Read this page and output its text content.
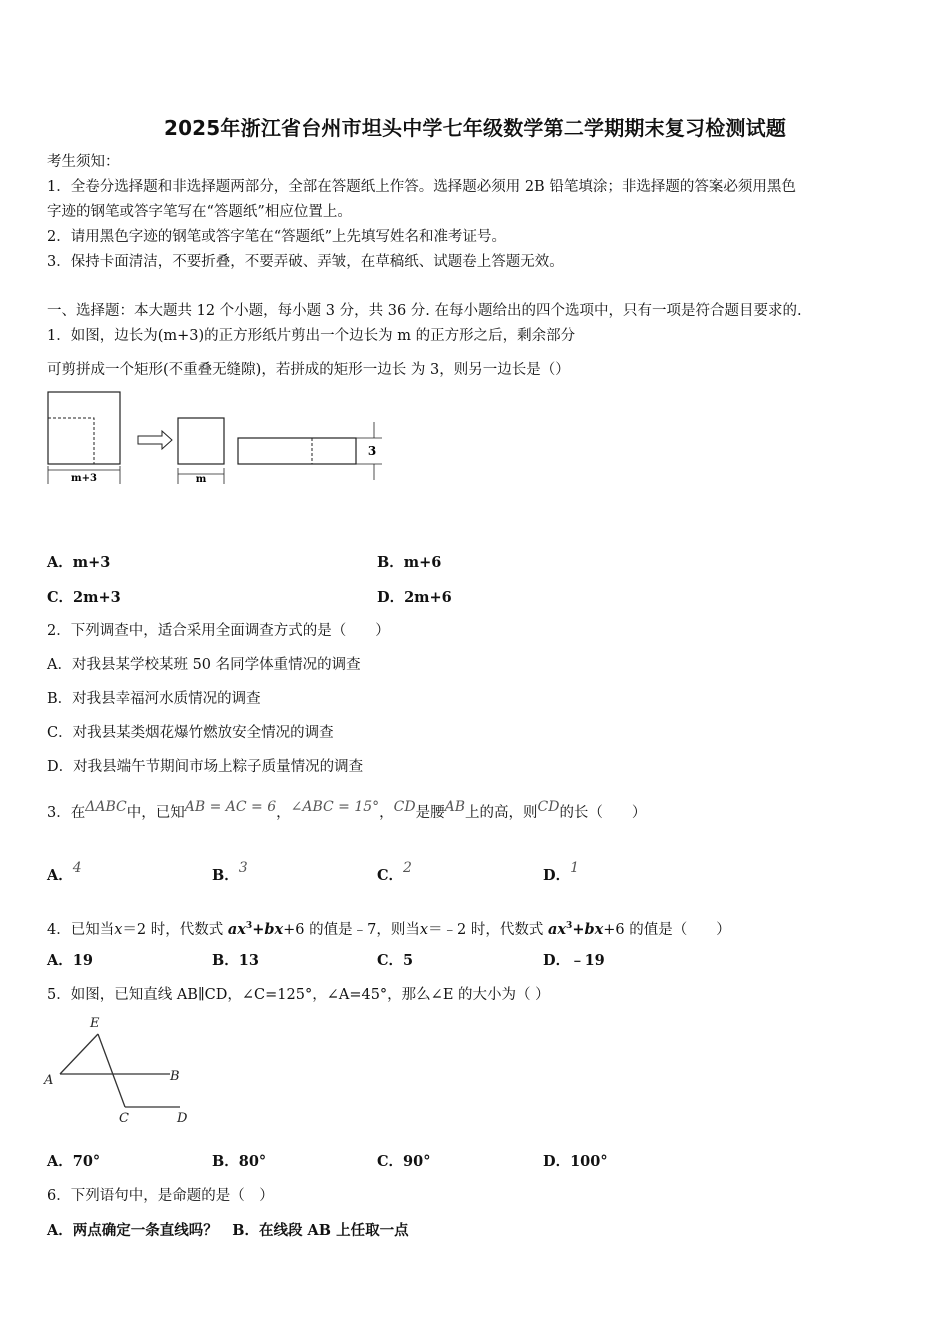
2025年浙江省台州市坦头中学七年级数学第二学期期末复习检测试题
考生须知：
1．全卷分选择题和非选择题两部分，全部在答题纸上作答。选择题必须用 2B 铅笔填涂；非选择题的答案必须用黑色
字迹的钢笔或答字笔写在“答题纸”相应位置上。
2．请用黑色字迹的钢笔或答字笔在“答题纸”上先填写姓名和准考证号。
3．保持卡面清洁，不要折叠，不要弄破、弄皱，在草稿纸、试题卷上答题无效。
一、选择题：本大题共 12 个小题，每小题 3 分，共 36 分. 在每小题给出的四个选项中，只有一项是符合题目要求的.
1．如图，边长为(m+3)的正方形纸片剪出一个边长为 m 的正方形之后，剩余部分
可剪拼成一个矩形(不重叠无缝隙)，若拼成的矩形一边长 为 3，则另一边长是（）
m+3	m
3
A．m+3	B．m+6
C．2m+3	D．2m+6
2．下列调查中，适合采用全面调查方式的是（　　）
A．对我县某学校某班 50 名同学体重情况的调查
B．对我县幸福河水质情况的调查
C．对我县某类烟花爆竹燃放安全情况的调查
D．对我县端午节期间市场上粽子质量情况的调查
3．在ΔABC中，已知AB = AC = 6，∠ABC = 15°，CD是腰AB上的高，则CD的长（　　）
A．4	B．3	C．2	D．1
4．已知当x＝2 时，代数式 $ax^3+bx+6$ 的值是﹣7，则当x＝﹣2 时，代数式 $ax^3+bx+6$ 的值是（　　）
A．19	B．13	C．5	D．﹣19
5．如图，已知直线 AB∥CD，∠C=125°，∠A=45°，那么∠E 的大小为（ ）
E
A	B
C	D
A．70°	B．80°	C．90°	D．100°
6．下列语句中，是命题的是（　）
A．两点确定一条直线吗？　B．在线段 AB 上任取一点
